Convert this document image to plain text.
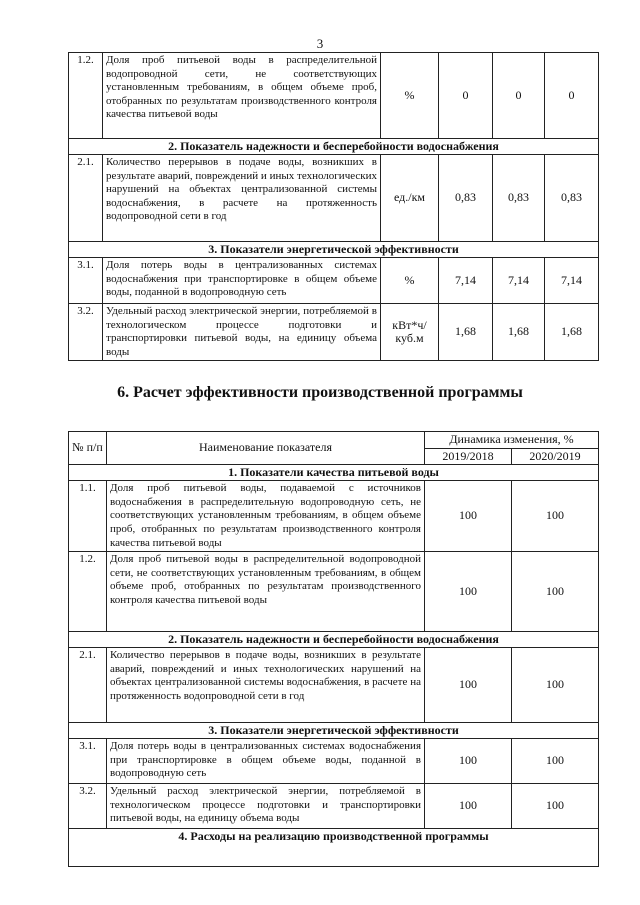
3
1.2.	Доля проб питьевой воды в распределительной водопроводной сети, не соответствующих установленным требованиям, в общем объеме проб, отобранных по результатам производственного контроля качества питьевой воды	%	0	0	0
2. Показатель надежности и бесперебойности водоснабжения					
2.1.	Количество перерывов в подаче воды, возникших в результате аварий, повреждений и иных технологических нарушений на объектах централизованной системы водоснабжения, в расчете на протяженность водопроводной сети в год	ед./км	0,83	0,83	0,83
3. Показатели энергетической эффективности					
3.1.	Доля потерь воды в централизованных системах водоснабжения при транспортировке в общем объеме воды, поданной в водопроводную сеть	%	7,14	7,14	7,14
3.2.	Удельный расход электрической энергии, потребляемой в технологическом процессе подготовки и транспортировки питьевой воды, на единицу объема воды	кВт*ч/ куб.м	1,68	1,68	1,68
6. Расчет эффективности производственной программы
№ п/п	Наименование показателя	Динамика изменения, %	
		2019/2018	2020/2019
1. Показатели качества питьевой воды			
1.1.	Доля проб питьевой воды, подаваемой с источников водоснабжения в распределительную водопроводную сеть, не соответствующих установленным требованиям, в общем объеме проб, отобранных по результатам производственного контроля качества питьевой воды	100	100
1.2.	Доля проб питьевой воды в распределительной водопроводной сети, не соответствующих установленным требованиям, в общем объеме проб, отобранных по результатам производственного контроля качества питьевой воды	100	100
2. Показатель надежности и бесперебойности водоснабжения			
2.1.	Количество перерывов в подаче воды, возникших в результате аварий, повреждений и иных технологических нарушений на объектах централизованной системы водоснабжения, в расчете на протяженность водопроводной сети в год	100	100
3. Показатели энергетической эффективности			
3.1.	Доля потерь воды в централизованных системах водоснабжения при транспортировке в общем объеме воды, поданной в водопроводную сеть	100	100
3.2.	Удельный расход электрической энергии, потребляемой в технологическом процессе подготовки и транспортировки питьевой воды, на единицу объема воды	100	100
4. Расходы на реализацию производственной программы			
